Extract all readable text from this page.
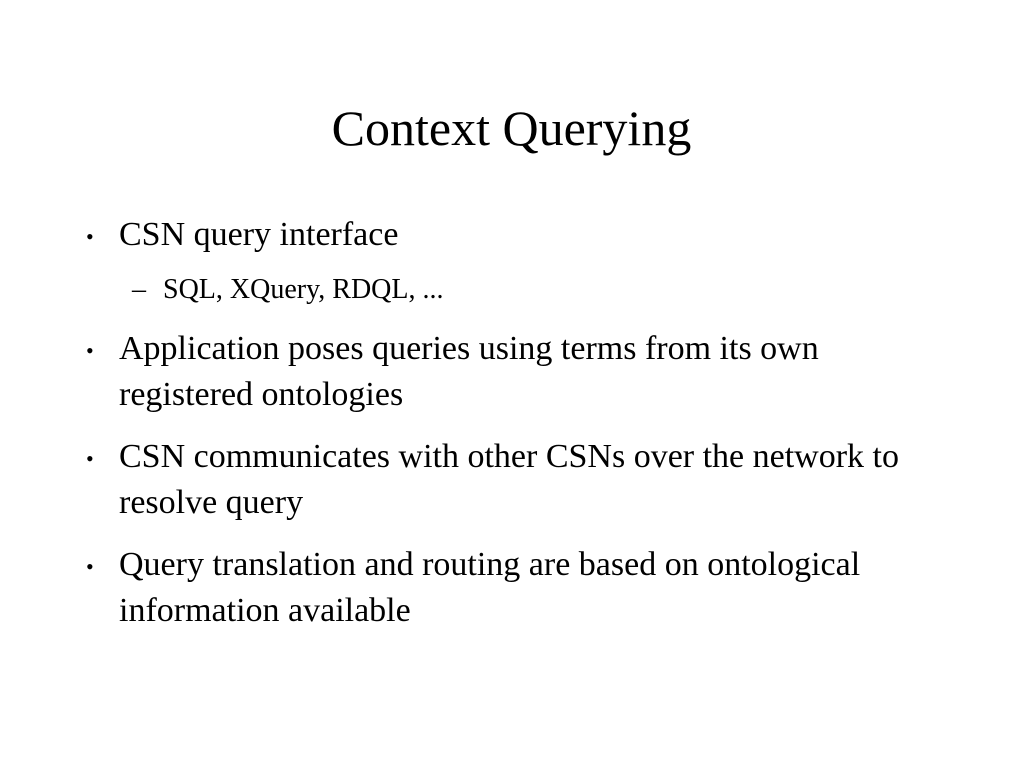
Context Querying
• CSN query interface
– SQL, XQuery, RDQL, ...
• Application poses queries using terms from its own registered ontologies
• CSN communicates with other CSNs over the network to resolve query
• Query translation and routing are based on ontological information available
